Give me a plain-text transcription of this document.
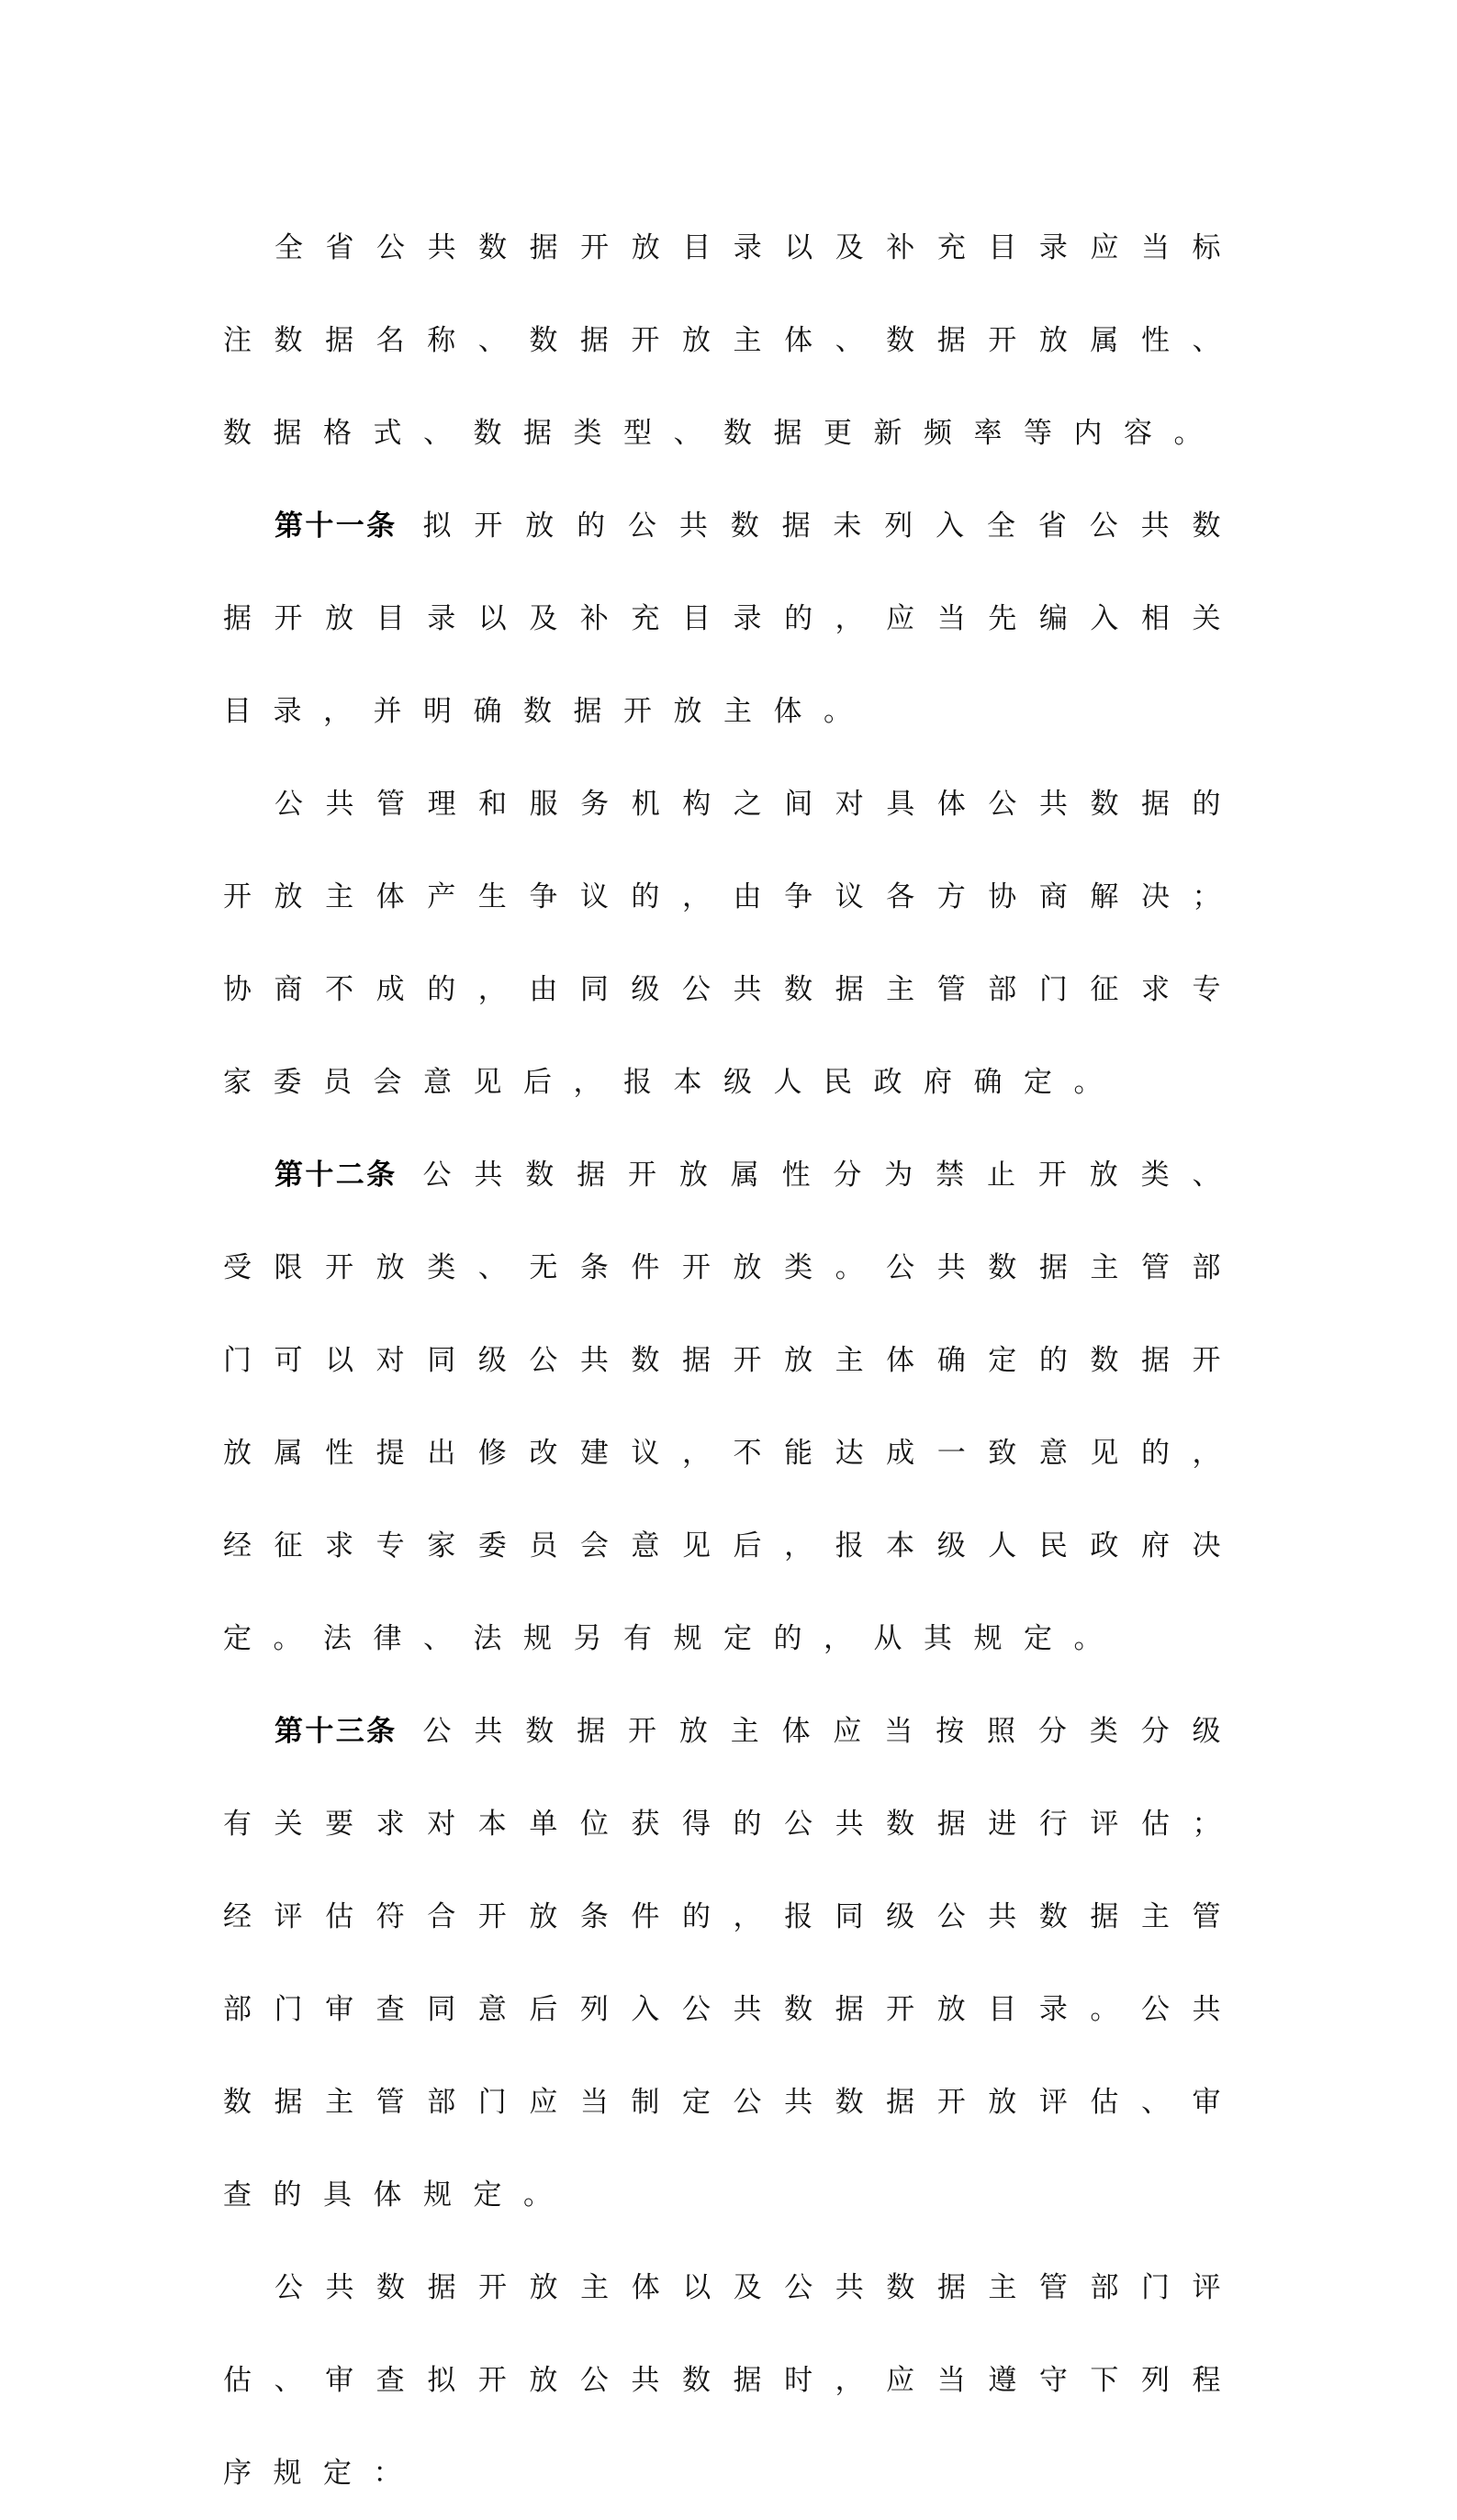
全省公共数据开放目录以及补充目录应当标注数据名称、数据开放主体、数据开放属性、数据格式、数据类型、数据更新频率等内容。

第十一条 拟开放的公共数据未列入全省公共数据开放目录以及补充目录的，应当先编入相关目录，并明确数据开放主体。

公共管理和服务机构之间对具体公共数据的开放主体产生争议的，由争议各方协商解决；协商不成的，由同级公共数据主管部门征求专家委员会意见后，报本级人民政府确定。

第十二条 公共数据开放属性分为禁止开放类、受限开放类、无条件开放类。公共数据主管部门可以对同级公共数据开放主体确定的数据开放属性提出修改建议，不能达成一致意见的，经征求专家委员会意见后，报本级人民政府决定。法律、法规另有规定的，从其规定。

第十三条 公共数据开放主体应当按照分类分级有关要求对本单位获得的公共数据进行评估；经评估符合开放条件的，报同级公共数据主管部门审查同意后列入公共数据开放目录。公共数据主管部门应当制定公共数据开放评估、审查的具体规定。

公共数据开放主体以及公共数据主管部门评估、审查拟开放公共数据时，应当遵守下列程序规定：
